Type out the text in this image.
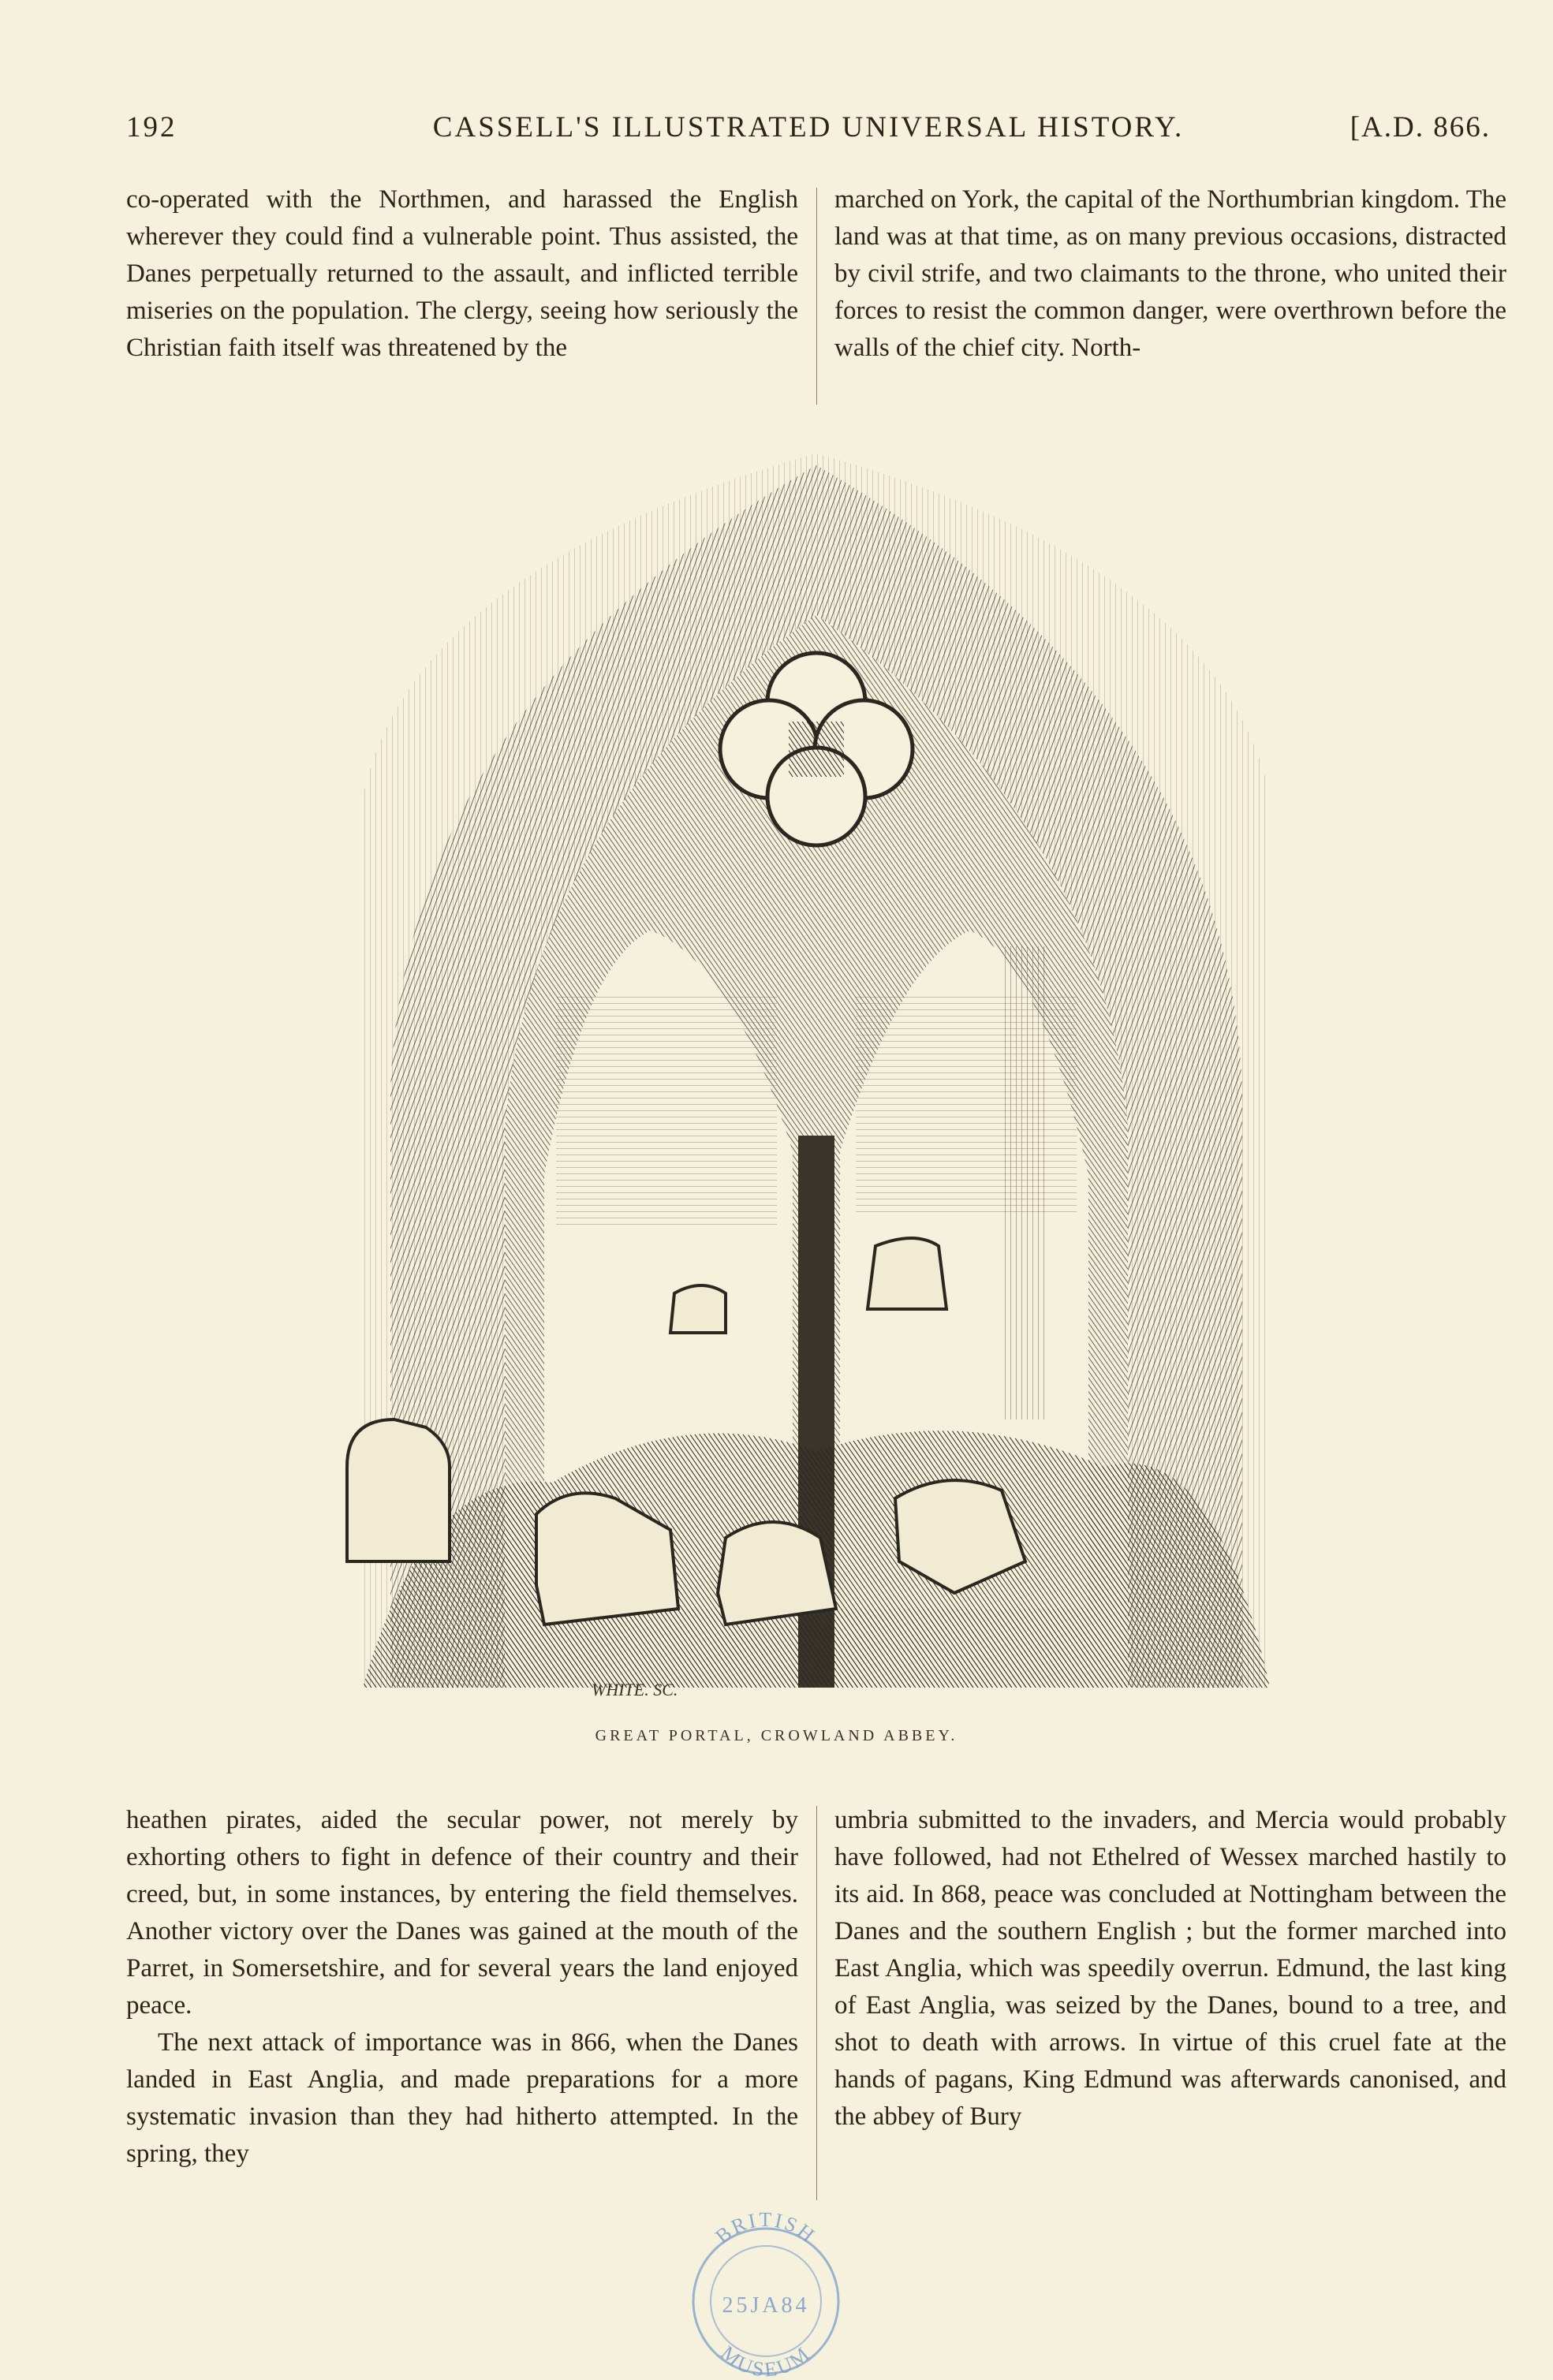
192	CASSELL'S ILLUSTRATED UNIVERSAL HISTORY.	[A.D. 866.

co-operated with the Northmen, and harassed the English wherever they could find a vulnerable point. Thus assisted, the Danes perpetually returned to the assault, and inflicted terrible miseries on the population. The clergy, seeing how seriously the Christian faith itself was threatened by the

marched on York, the capital of the Northumbrian kingdom. The land was at that time, as on many previous occasions, distracted by civil strife, and two claimants to the throne, who united their forces to resist the common danger, were overthrown before the walls of the chief city. North-

WHITE. SC.
GREAT PORTAL, CROWLAND ABBEY.

heathen pirates, aided the secular power, not merely by exhorting others to fight in defence of their country and their creed, but, in some instances, by entering the field themselves. Another victory over the Danes was gained at the mouth of the Parret, in Somersetshire, and for several years the land enjoyed peace.

The next attack of importance was in 866, when the Danes landed in East Anglia, and made preparations for a more systematic invasion than they had hitherto attempted. In the spring, they

umbria submitted to the invaders, and Mercia would probably have followed, had not Ethelred of Wessex marched hastily to its aid. In 868, peace was concluded at Nottingham between the Danes and the southern English ; but the former marched into East Anglia, which was speedily overrun. Edmund, the last king of East Anglia, was seized by the Danes, bound to a tree, and shot to death with arrows. In virtue of this cruel fate at the hands of pagans, King Edmund was afterwards canonised, and the abbey of Bury

BRITISH
25JA84
MUSEUM
